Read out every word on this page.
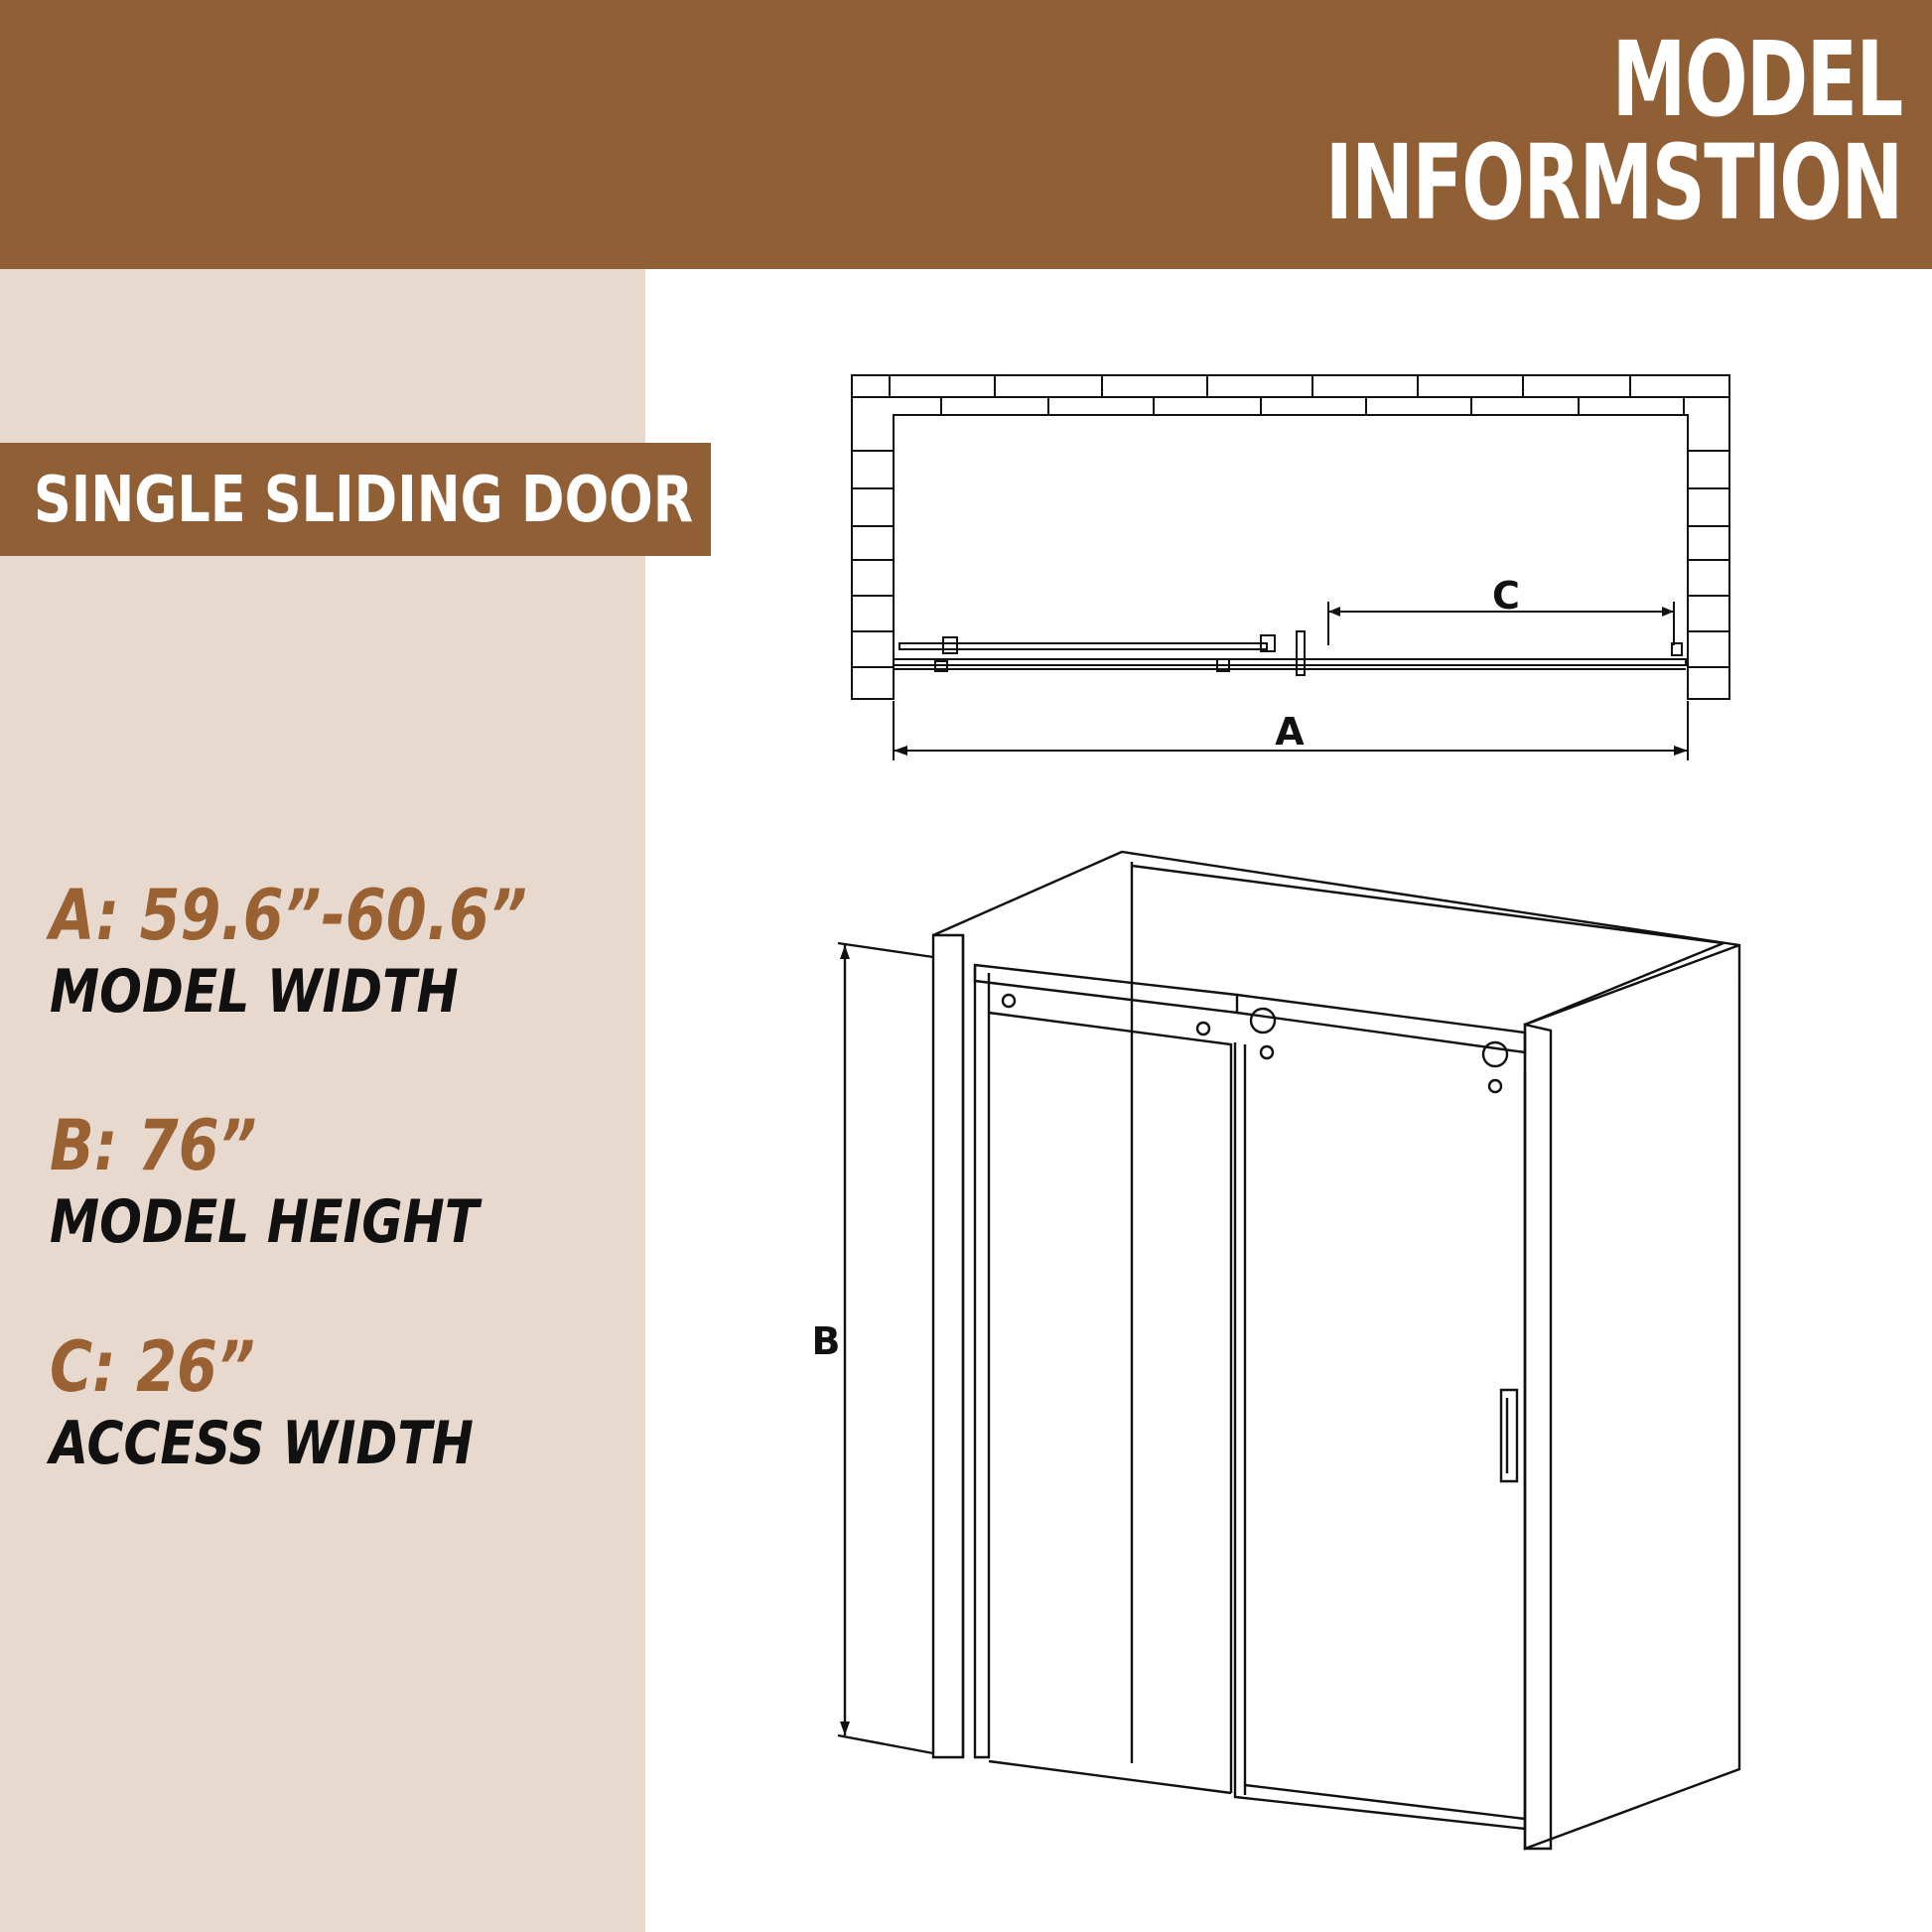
MODEL
INFORMSTION
SINGLE SLIDING DOOR
A: 59.6”-60.6”
MODEL WIDTH
B: 76”
MODEL HEIGHT
C: 26”
ACCESS WIDTH
C
A
B
